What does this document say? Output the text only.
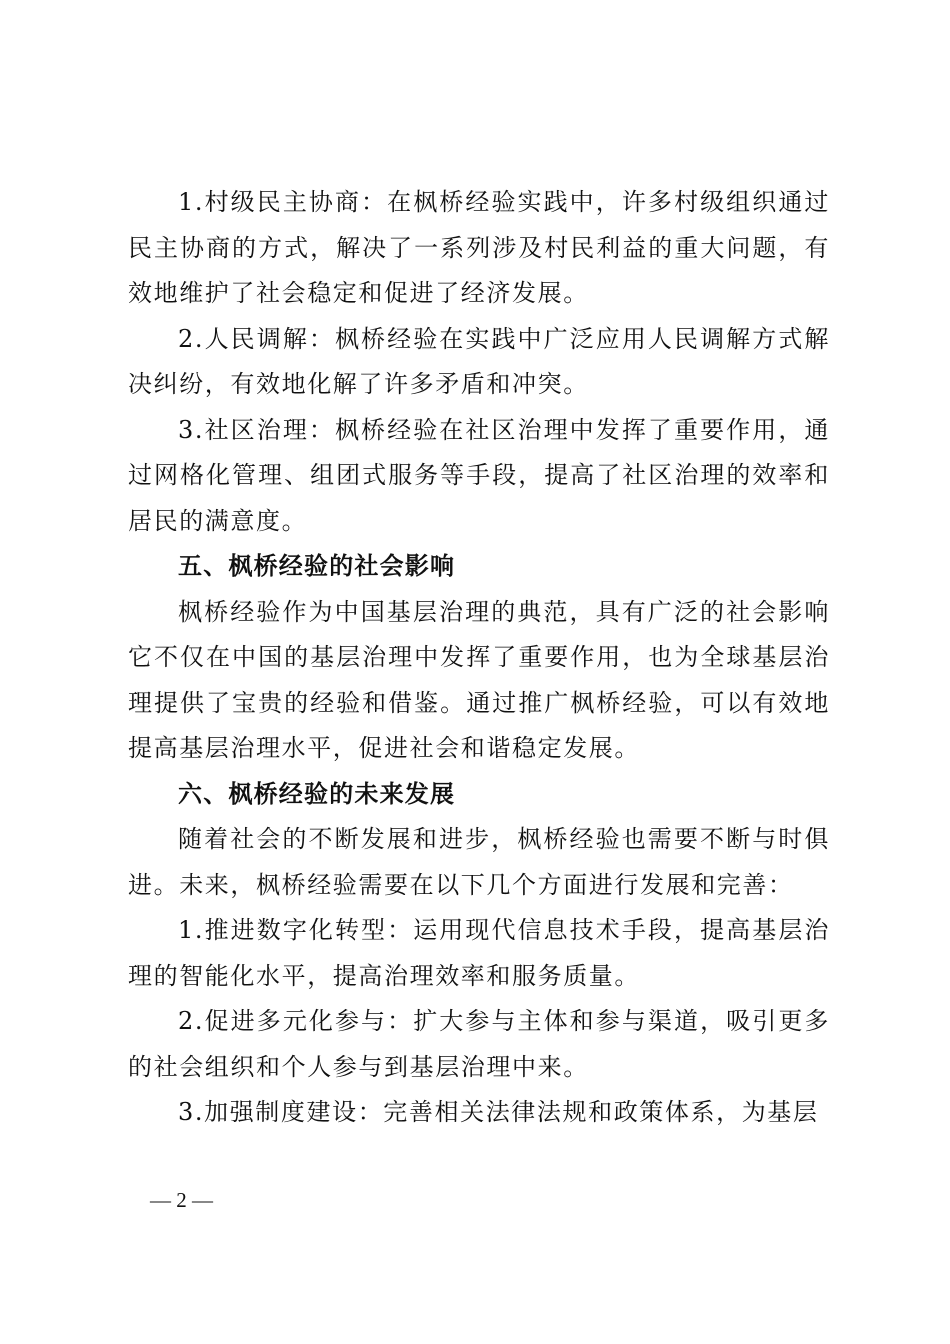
1.村级民主协商：在枫桥经验实践中，许多村级组织通过民主协商的方式，解决了一系列涉及村民利益的重大问题，有效地维护了社会稳定和促进了经济发展。

2.人民调解：枫桥经验在实践中广泛应用人民调解方式解决纠纷，有效地化解了许多矛盾和冲突。

3.社区治理：枫桥经验在社区治理中发挥了重要作用，通过网格化管理、组团式服务等手段，提高了社区治理的效率和居民的满意度。

五、枫桥经验的社会影响

枫桥经验作为中国基层治理的典范，具有广泛的社会影响它不仅在中国的基层治理中发挥了重要作用，也为全球基层治理提供了宝贵的经验和借鉴。通过推广枫桥经验，可以有效地提高基层治理水平，促进社会和谐稳定发展。

六、枫桥经验的未来发展

随着社会的不断发展和进步，枫桥经验也需要不断与时俱进。未来，枫桥经验需要在以下几个方面进行发展和完善：

1.推进数字化转型：运用现代信息技术手段，提高基层治理的智能化水平，提高治理效率和服务质量。

2.促进多元化参与：扩大参与主体和参与渠道，吸引更多的社会组织和个人参与到基层治理中来。

3.加强制度建设：完善相关法律法规和政策体系，为基层

— 2 —
